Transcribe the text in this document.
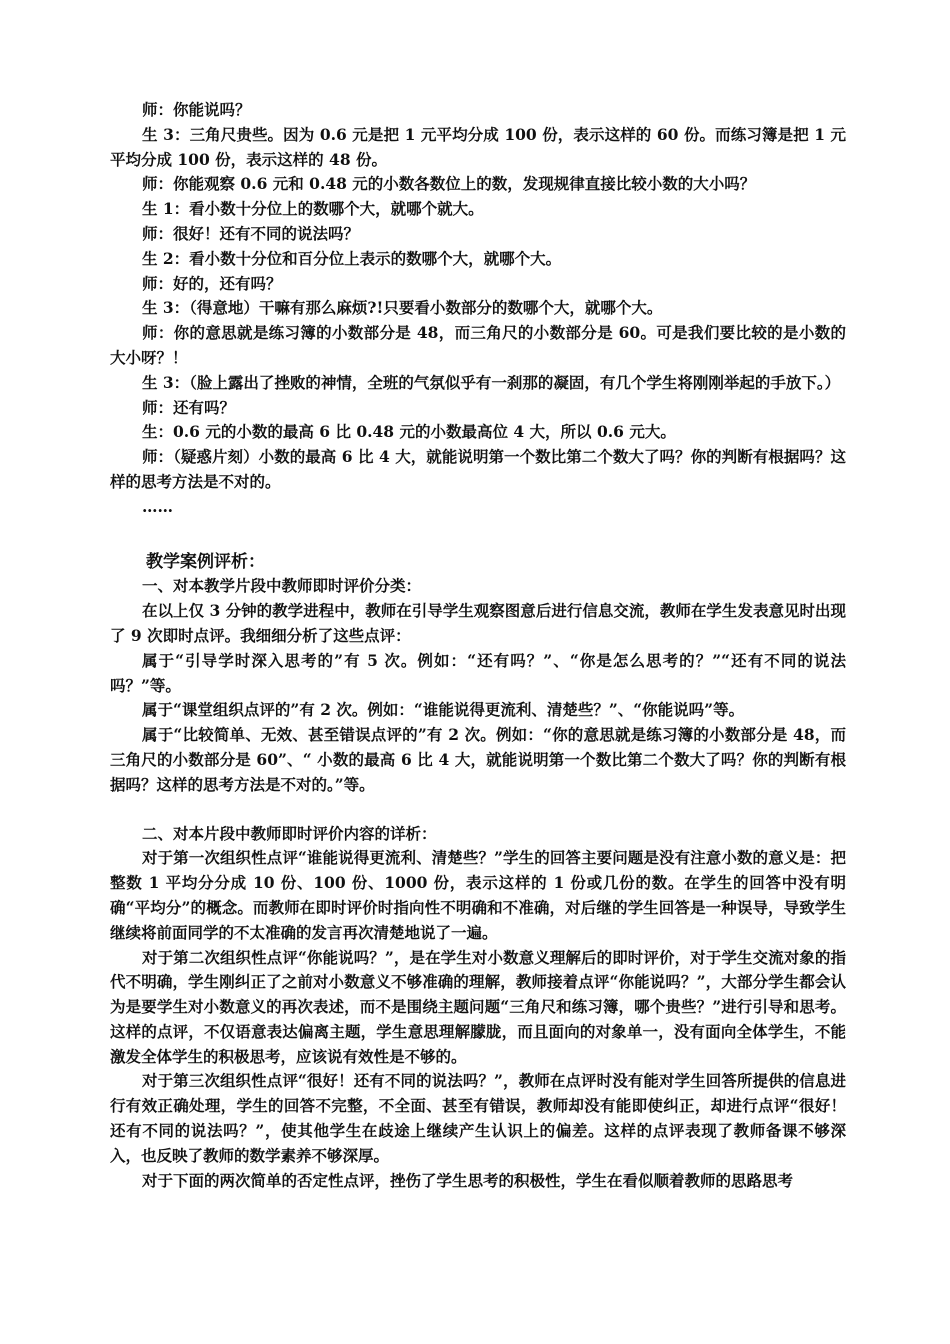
师：你能说吗？

生 3：三角尺贵些。因为 0.6 元是把 1 元平均分成 100 份，表示这样的 60 份。而练习簿是把 1 元平均分成 100 份，表示这样的 48 份。

师：你能观察 0.6 元和 0.48 元的小数各数位上的数，发现规律直接比较小数的大小吗？

生 1：看小数十分位上的数哪个大，就哪个就大。

师：很好！还有不同的说法吗？

生 2：看小数十分位和百分位上表示的数哪个大，就哪个大。

师：好的，还有吗？

生 3：（得意地）干嘛有那么麻烦?!只要看小数部分的数哪个大，就哪个大。

师：你的意思就是练习簿的小数部分是 48，而三角尺的小数部分是 60。可是我们要比较的是小数的大小呀？！

生 3：（脸上露出了挫败的神情，全班的气氛似乎有一刹那的凝固，有几个学生将刚刚举起的手放下。）

师：还有吗？

生：0.6 元的小数的最高 6 比 0.48 元的小数最高位 4 大，所以 0.6 元大。

师：（疑惑片刻）小数的最高 6 比 4 大，就能说明第一个数比第二个数大了吗？你的判断有根据吗？这样的思考方法是不对的。

……

教学案例评析：

一、对本教学片段中教师即时评价分类：

在以上仅 3 分钟的教学进程中，教师在引导学生观察图意后进行信息交流，教师在学生发表意见时出现了 9 次即时点评。我细细分析了这些点评：

属于“引导学时深入思考的”有 5 次。例如：“还有吗？”、“你是怎么思考的？”“还有不同的说法吗？”等。

属于“课堂组织点评的”有 2 次。例如：“谁能说得更流利、清楚些？”、“你能说吗”等。

属于“比较简单、无效、甚至错误点评的”有 2 次。例如：“你的意思就是练习簿的小数部分是 48，而三角尺的小数部分是 60”、“ 小数的最高 6 比 4 大，就能说明第一个数比第二个数大了吗？你的判断有根据吗？这样的思考方法是不对的。”等。

二、对本片段中教师即时评价内容的详析：

对于第一次组织性点评“谁能说得更流利、清楚些？”学生的回答主要问题是没有注意小数的意义是：把整数 1 平均分分成 10 份、100 份、1000 份，表示这样的 1 份或几份的数。在学生的回答中没有明确“平均分”的概念。而教师在即时评价时指向性不明确和不准确，对后继的学生回答是一种误导，导致学生继续将前面同学的不太准确的发言再次清楚地说了一遍。

对于第二次组织性点评“你能说吗？”，是在学生对小数意义理解后的即时评价，对于学生交流对象的指代不明确，学生刚纠正了之前对小数意义不够准确的理解，教师接着点评“你能说吗？”，大部分学生都会认为是要学生对小数意义的再次表述，而不是围绕主题问题“三角尺和练习簿，哪个贵些？”进行引导和思考。这样的点评，不仅语意表达偏离主题，学生意思理解朦胧，而且面向的对象单一，没有面向全体学生，不能激发全体学生的积极思考，应该说有效性是不够的。

对于第三次组织性点评“很好！还有不同的说法吗？”，教师在点评时没有能对学生回答所提供的信息进行有效正确处理，学生的回答不完整，不全面、甚至有错误，教师却没有能即使纠正，却进行点评“很好！还有不同的说法吗？”，使其他学生在歧途上继续产生认识上的偏差。这样的点评表现了教师备课不够深入，也反映了教师的数学素养不够深厚。

对于下面的两次简单的否定性点评，挫伤了学生思考的积极性，学生在看似顺着教师的思路思考
